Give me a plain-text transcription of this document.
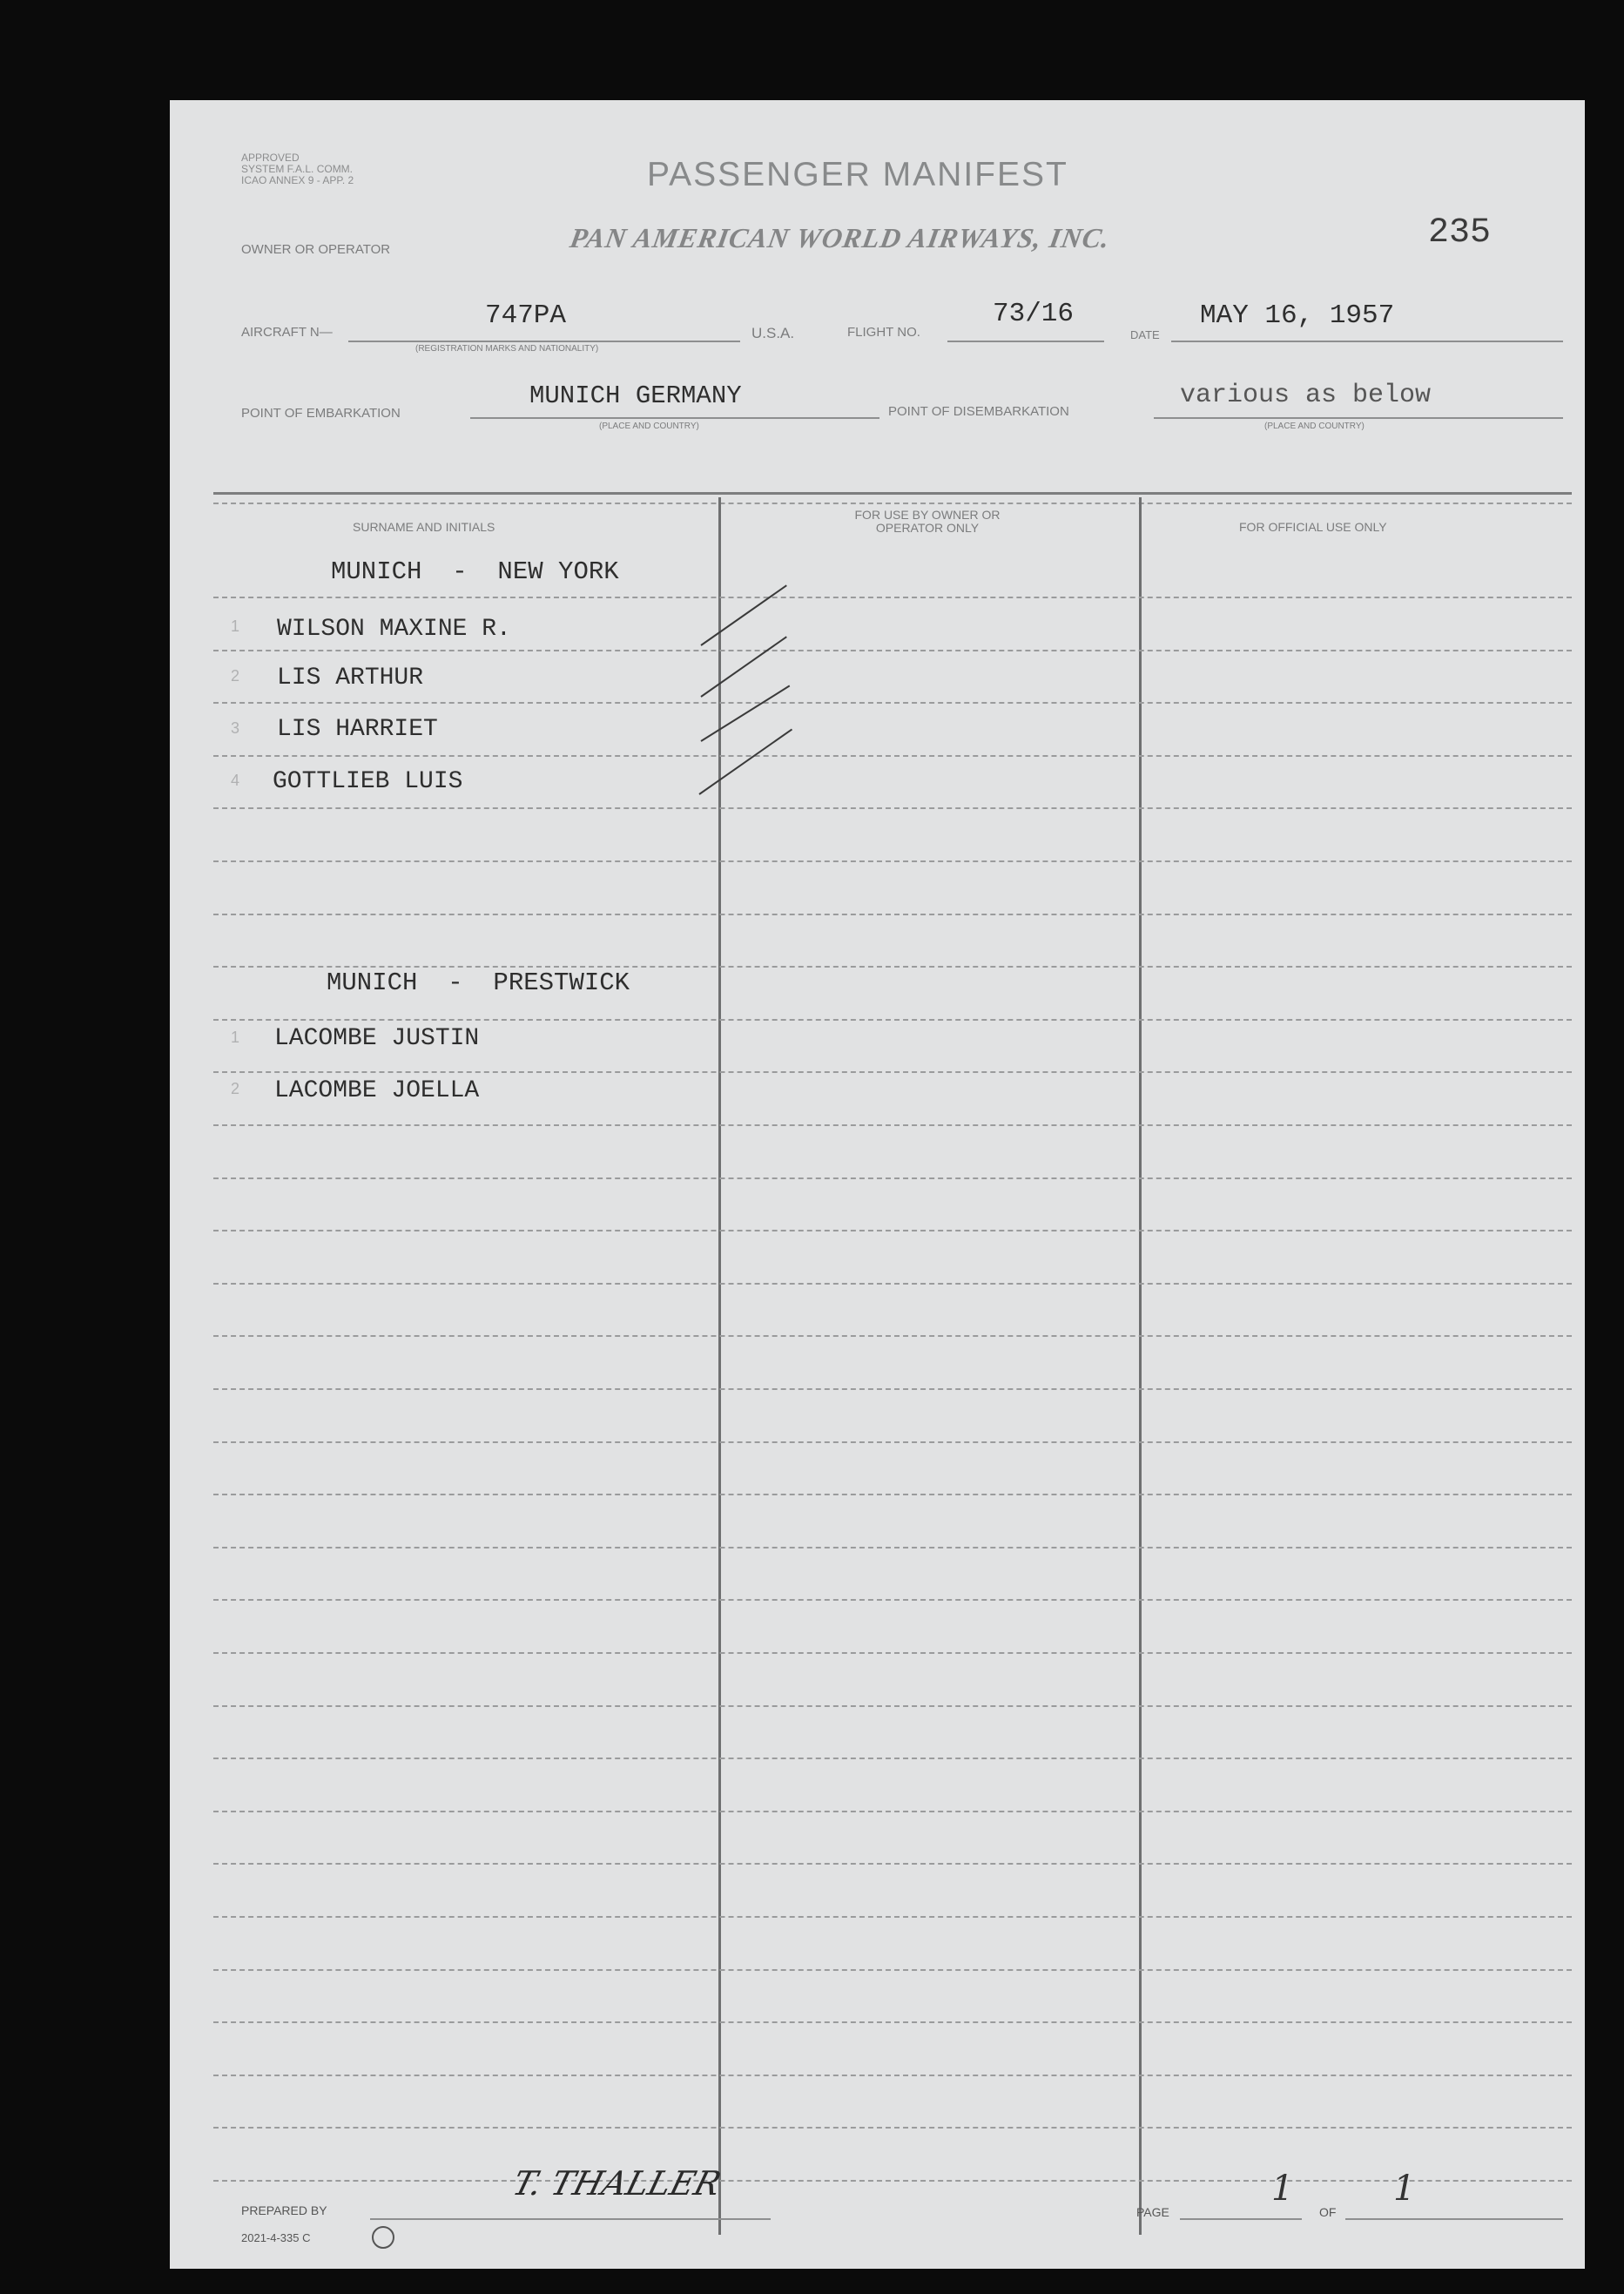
APPROVED
SYSTEM F.A.L. COMM.
ICAO ANNEX 9 - APP. 2	PASSENGER MANIFEST
PAN AMERICAN WORLD AIRWAYS, INC.	235
OWNER OR OPERATOR
AIRCRAFT N—
747PA
(REGISTRATION MARKS AND NATIONALITY)
U.S.A.	FLIGHT NO.
73/16
DATE
MAY 16, 1957
POINT OF EMBARKATION
MUNICH GERMANY
(PLACE AND COUNTRY)
POINT OF DISEMBARKATION
various as below
(PLACE AND COUNTRY)
SURNAME AND INITIALS
FOR USE BY OWNER OR OPERATOR ONLY	FOR OFFICIAL USE ONLY
MUNICH  -  NEW YORK
1 WILSON MAXINE R.
2 LIS ARTHUR
3 LIS HARRIET
4 GOTTLIEB LUIS
MUNICH  -  PRESTWICK
1 LACOMBE JUSTIN
2 LACOMBE JOELLA
PREPARED BY
T. THALLER
2021-4-335 C
PAGE
1
OF
1
